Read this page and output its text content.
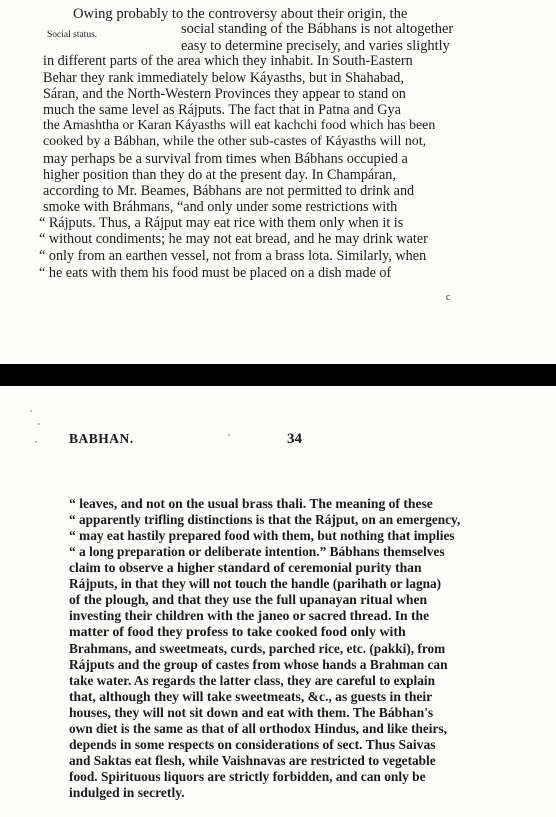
Owing probably to the controversy about their origin, the
Social status.	social standing of the Bábhans is not altogether
easy to determine precisely, and varies slightly
in different parts of the area which they inhabit. In South-Eastern
Behar they rank immediately below Káyasths, but in Shahabad,
Sáran, and the North-Western Provinces they appear to stand on
much the same level as Rájputs. The fact that in Patna and Gya
the Amashtha or Karan Káyasths will eat kachchi food which has been
cooked by a Bábhan, while the other sub-castes of Káyasths will not,
may perhaps be a survival from times when Bábhans occupied a
higher position than they do at the present day. In Champáran,
according to Mr. Beames, Bábhans are not permitted to drink and
smoke with Bráhmans, “and only under some restrictions with
“ Rájputs. Thus, a Rájput may eat rice with them only when it is
“ without condiments; he may not eat bread, and he may drink water
“ only from an earthen vessel, not from a brass lota. Similarly, when
“ he eats with them his food must be placed on a dish made of
c
BABHAN.	34
“ leaves, and not on the usual brass thali. The meaning of these
“ apparently trifling distinctions is that the Rájput, on an emergency,
“ may eat hastily prepared food with them, but nothing that implies
“ a long preparation or deliberate intention.” Bábhans themselves
claim to observe a higher standard of ceremonial purity than
Rájputs, in that they will not touch the handle (parihath or lagna)
of the plough, and that they use the full upanayan ritual when
investing their children with the janeo or sacred thread. In the
matter of food they profess to take cooked food only with
Brahmans, and sweetmeats, curds, parched rice, etc. (pakki), from
Rájputs and the group of castes from whose hands a Brahman can
take water. As regards the latter class, they are careful to explain
that, although they will take sweetmeats, &c., as guests in their
houses, they will not sit down and eat with them. The Bábhan's
own diet is the same as that of all orthodox Hindus, and like theirs,
depends in some respects on considerations of sect. Thus Saivas
and Saktas eat flesh, while Vaishnavas are restricted to vegetable
food. Spirituous liquors are strictly forbidden, and can only be
indulged in secretly.
